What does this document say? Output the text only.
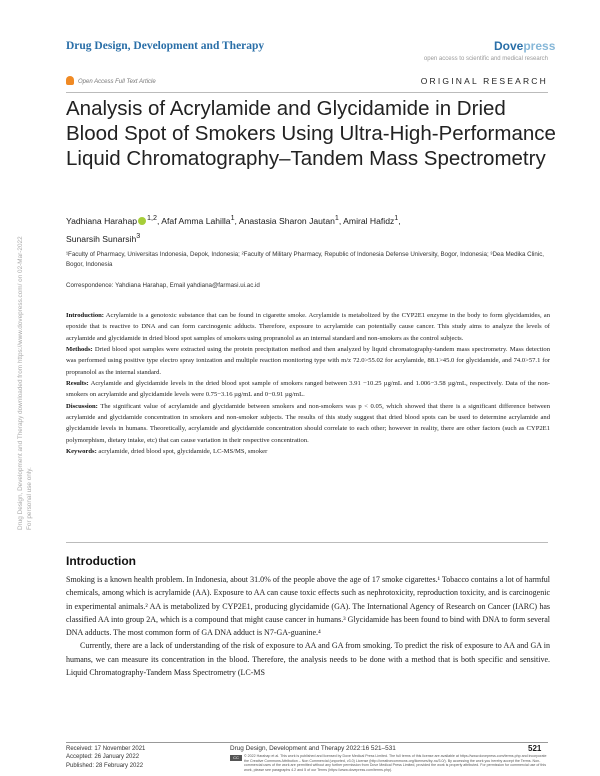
Drug Design, Development and Therapy downloaded from https://www.dovepress.com/ on 02-Mar-2022 For personal use only.
Drug Design, Development and Therapy	Dovepress
open access to scientific and medical research
Open Access Full Text Article	ORIGINAL RESEARCH
Analysis of Acrylamide and Glycidamide in Dried Blood Spot of Smokers Using Ultra-High-Performance Liquid Chromatography–Tandem Mass Spectrometry
Yadhiana Harahap $^{1,2}$, Afaf Amma Lahilla$^1$, Anastasia Sharon Jautan$^1$, Amiral Hafidz$^1$,
Sunarsih Sunarsih$^3$
¹Faculty of Pharmacy, Universitas Indonesia, Depok, Indonesia; ²Faculty of Military Pharmacy, Republic of Indonesia Defense University, Bogor, Indonesia; ³Dea Medika Clinic, Bogor, Indonesia
Correspondence: Yahdiana Harahap, Email yahdiana@farmasi.ui.ac.id

Introduction: Acrylamide is a genotoxic substance that can be found in cigarette smoke. Acrylamide is metabolized by the CYP2E1 enzyme in the body to form glycidamides, an epoxide that is reactive to DNA and can form carcinogenic adducts. Therefore, exposure to acrylamide can potentially cause cancer. This study aims to analyze the levels of acrylamide and glycidamide in dried blood spot samples of smokers using propranolol as an internal standard and non-smokers as the control subjects.

Methods: Dried blood spot samples were extracted using the protein precipitation method and then analyzed by liquid chromatography-tandem mass spectrometry. Mass detection was performed using positive type electro spray ionization and multiple reaction monitoring type with m/z 72.0>55.02 for acrylamide, 88.1>45.0 for glycidamide, and 74.0>57.1 for propranolol as the internal standard.

Results: Acrylamide and glycidamide levels in the dried blood spot sample of smokers ranged between 3.91 −10.25 µg/mL and 1.006−3.58 µg/mL, respectively. Data of the non-smokers on acrylamide and glycidamide levels were 0.75−3.16 µg/mL and 0−0.91 µg/mL.

Discussion: The significant value of acrylamide and glycidamide between smokers and non-smokers was p < 0.05, which showed that there is a significant difference between acrylamide and glycidamide concentration in smokers and non-smoker subjects. The results of this study suggest that dried blood spots can be used to determine acrylamide and glycidamide levels in humans. Theoretically, acrylamide and glycidamide concentration should correlate to each other; however in reality, there are other factors (such as CYP2E1 polymorphism, dietary intake, etc) that can cause variation in their respective concentration.

Keywords: acrylamide, dried blood spot, glycidamide, LC-MS/MS, smoker

Introduction

Smoking is a known health problem. In Indonesia, about 31.0% of the people above the age of 17 smoke cigarettes.¹ Tobacco contains a lot of harmful chemicals, among which is acrylamide (AA). Exposure to AA can cause toxic effects such as nephrotoxicity, reproduction toxicity, and is carcinogenic in experimental animals.² AA is metabolized by CYP2E1, producing glycidamide (GA). The International Agency of Research on Cancer (IARC) has classified AA into group 2A, which is a compound that might cause cancer in humans.³ Glycidamide has been found to bind with DNA to form several DNA adducts. The most common form of GA DNA adduct is N7-GA-guanine.⁴

Currently, there are a lack of understanding of the risk of exposure to AA and GA from smoking. To predict the risk of exposure to AA and GA in humans, we can measure its concentration in the blood. Therefore, the analysis needs to be done with a method that is both specific and sensitive. Liquid Chromatography-Tandem Mass Spectrometry (LC-MS

Received: 17 November 2021
Accepted: 26 January 2022
Published: 28 February 2022
Drug Design, Development and Therapy 2022:16 521–531	521
CC BY NC
© 2022 Harahap et al. This work is published and licensed by Dove Medical Press Limited. The full terms of this license are available at https://www.dovepress.com/terms.php and incorporate the Creative Commons Attribution – Non Commercial (unported, v3.0) License (http://creativecommons.org/licenses/by-nc/3.0/). By accessing the work you hereby accept the Terms. Non-commercial uses of the work are permitted without any further permission from Dove Medical Press Limited, provided the work is properly attributed. For permission for commercial use of this work, please see paragraphs 4.2 and 5 of our Terms (https://www.dovepress.com/terms.php).
